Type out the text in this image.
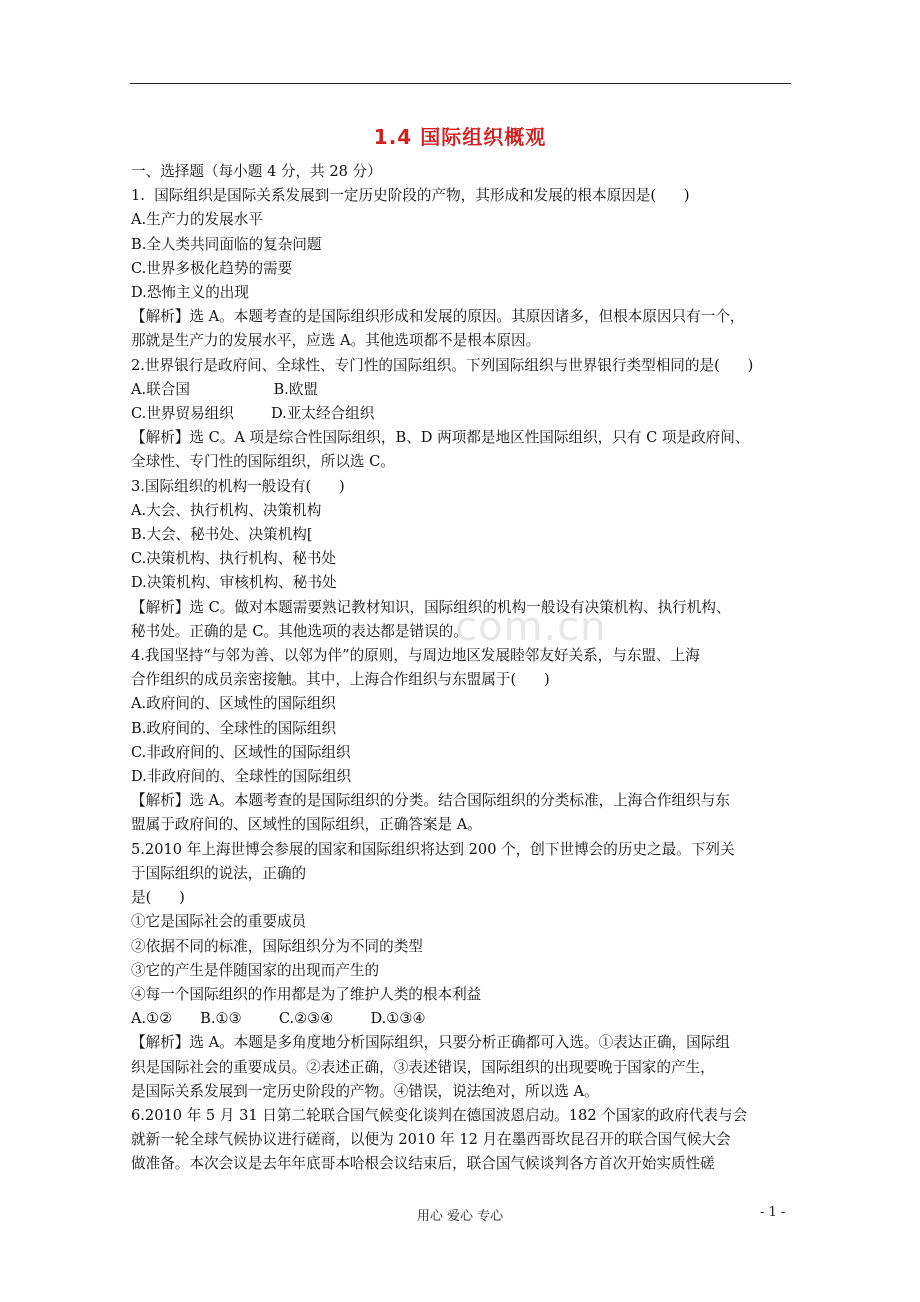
1.4 国际组织概观
com.cn
一、选择题（每小题 4 分，共 28 分）
1.  国际组织是国际关系发展到一定历史阶段的产物，其形成和发展的根本原因是(      )
A.生产力的发展水平
B.全人类共同面临的复杂问题
C.世界多极化趋势的需要
D.恐怖主义的出现
【解析】选 A。本题考查的是国际组织形成和发展的原因。其原因诸多，但根本原因只有一个，
那就是生产力的发展水平，应选 A。其他选项都不是根本原因。
2.世界银行是政府间、全球性、专门性的国际组织。下列国际组织与世界银行类型相同的是(      )
A.联合国                  B.欧盟
C.世界贸易组织        D.亚太经合组织
【解析】选 C。A 项是综合性国际组织，B、D 两项都是地区性国际组织，只有 C 项是政府间、
全球性、专门性的国际组织，所以选 C。
3.国际组织的机构一般设有(      )
A.大会、执行机构、决策机构
B.大会、秘书处、决策机构[
C.决策机构、执行机构、秘书处
D.决策机构、审核机构、秘书处
【解析】选 C。做对本题需要熟记教材知识，国际组织的机构一般设有决策机构、执行机构、
秘书处。正确的是 C。其他选项的表达都是错误的。
4.我国坚持“与邻为善、以邻为伴”的原则，与周边地区发展睦邻友好关系，与东盟、上海
合作组织的成员亲密接触。其中，上海合作组织与东盟属于(      )
A.政府间的、区域性的国际组织
B.政府间的、全球性的国际组织
C.非政府间的、区域性的国际组织
D.非政府间的、全球性的国际组织
【解析】选 A。本题考查的是国际组织的分类。结合国际组织的分类标准，上海合作组织与东
盟属于政府间的、区域性的国际组织，正确答案是 A。
5.2010 年上海世博会参展的国家和国际组织将达到 200 个，创下世博会的历史之最。下列关
于国际组织的说法，正确的
是(      )
①它是国际社会的重要成员
②依据不同的标准，国际组织分为不同的类型
③它的产生是伴随国家的出现而产生的
④每一个国际组织的作用都是为了维护人类的根本利益
A.①②      B.①③        C.②③④        D.①③④
【解析】选 A。本题是多角度地分析国际组织，只要分析正确都可入选。①表达正确，国际组
织是国际社会的重要成员。②表述正确，③表述错误，国际组织的出现要晚于国家的产生，
是国际关系发展到一定历史阶段的产物。④错误，说法绝对，所以选 A。
6.2010 年 5 月 31 日第二轮联合国气候变化谈判在德国波恩启动。182 个国家的政府代表与会
就新一轮全球气候协议进行磋商，以便为 2010 年 12 月在墨西哥坎昆召开的联合国气候大会
做准备。本次会议是去年年底哥本哈根会议结束后，联合国气候谈判各方首次开始实质性磋
用心 爱心 专心	- 1 -
